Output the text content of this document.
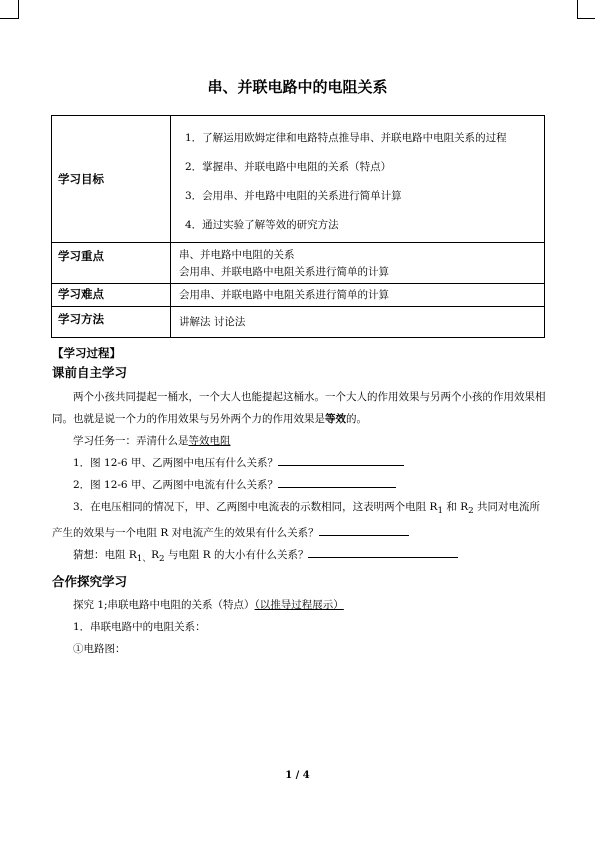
串、并联电路中的电阻关系
学习目标	1．了解运用欧姆定律和电路特点推导串、并联电路中电阻关系的过程
2．掌握串、并联电路中电阻的关系（特点）
3．会用串、并电路中电阻的关系进行简单计算
4．通过实验了解等效的研究方法

学习重点	串、并电路中电阻的关系
会用串、并联电路中电阻关系进行简单的计算

学习难点	会用串、并联电路中电阻关系进行简单的计算
学习方法	讲解法 讨论法
【学习过程】
课前自主学习
两个小孩共同提起一桶水，一个大人也能提起这桶水。一个大人的作用效果与另两个小孩的作用效果相同。也就是说一个力的作用效果与另外两个力的作用效果是等效的。
学习任务一：弄清什么是等效电阻
1．图 12-6 甲、乙两图中电压有什么关系？
2．图 12-6 甲、乙两图中电流有什么关系？
3．在电压相同的情况下，甲、乙两图中电流表的示数相同，这表明两个电阻 $R_1$ 和 $R_2$ 共同对电流所产生的效果与一个电阻 R 对电流产生的效果有什么关系？
猜想：电阻 $R_{1、}R_2$ 与电阻 R 的大小有什么关系？
合作探究学习
探究 1;串联电路中电阻的关系（特点）（以推导过程展示）
1．串联电路中的电阻关系：
①电路图：
1 / 4
